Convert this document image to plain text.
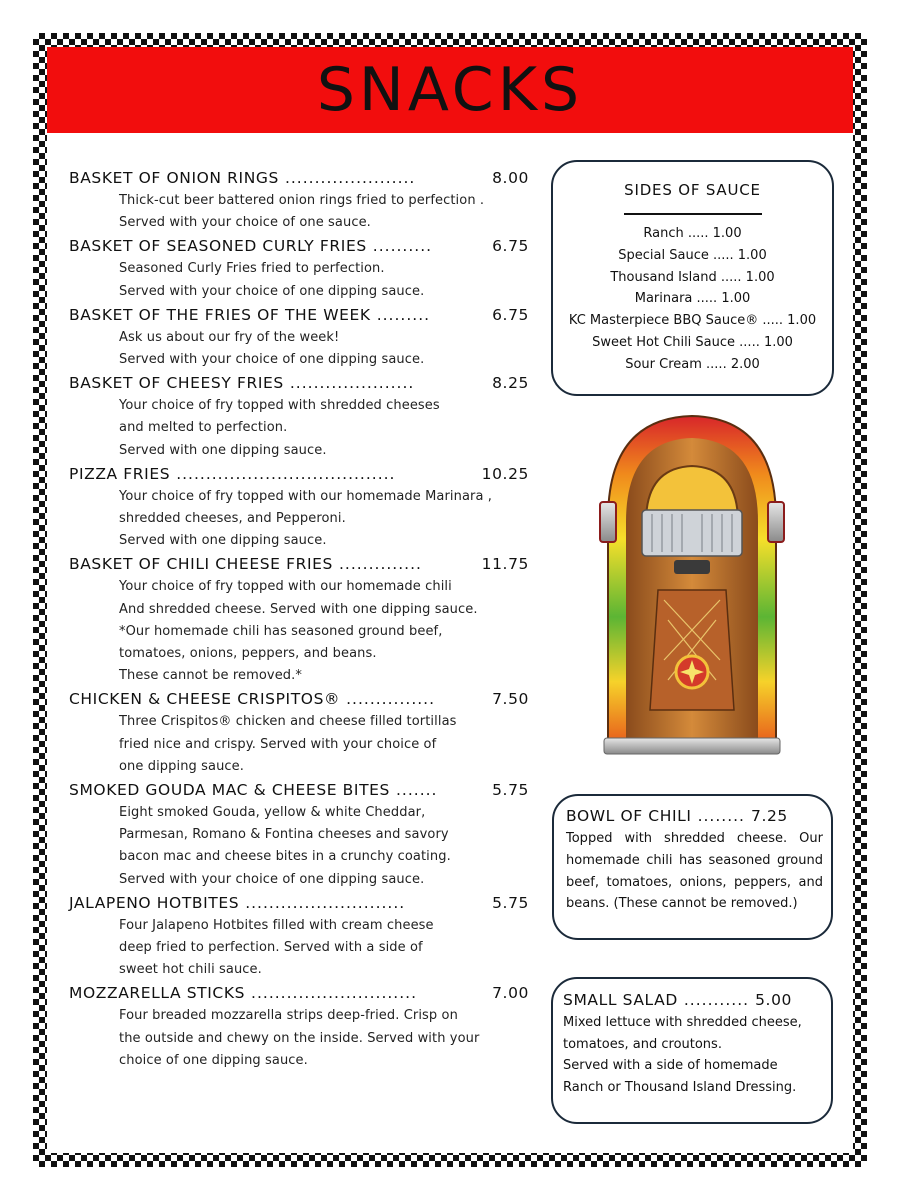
SNACKS
BASKET OF ONION RINGS ......................	8.00
Thick-cut beer battered onion rings fried to perfection .
Served with your choice of one sauce.
BASKET OF SEASONED CURLY FRIES ..........	6.75
Seasoned Curly Fries fried to perfection.
Served with your choice of one dipping sauce.
BASKET OF THE FRIES OF THE WEEK .........	6.75
Ask us about our fry of the week!
Served with your choice of one dipping sauce.
BASKET OF CHEESY FRIES .....................	8.25
Your choice of fry topped with shredded cheeses
and melted to perfection.
Served with one dipping sauce.
PIZZA FRIES .....................................	10.25
Your choice of fry topped with our homemade Marinara ,
shredded cheeses, and Pepperoni.
Served with one dipping sauce.
BASKET OF CHILI CHEESE FRIES ..............	11.75
Your choice of fry topped with our homemade chili
And shredded cheese. Served with one dipping sauce.
*Our homemade chili has seasoned ground beef,
tomatoes, onions, peppers, and beans.
These cannot be removed.*
CHICKEN & CHEESE CRISPITOS® ...............	7.50
Three Crispitos® chicken and cheese filled tortillas
fried nice and crispy. Served with your choice of
one dipping sauce.
SMOKED GOUDA MAC & CHEESE BITES .......	5.75
Eight smoked Gouda, yellow & white Cheddar,
Parmesan, Romano & Fontina cheeses and savory
bacon mac and cheese bites in a crunchy coating.
Served with your choice of one dipping sauce.
JALAPENO HOTBITES ...........................	5.75
Four Jalapeno Hotbites filled with cream cheese
deep fried to perfection. Served with a side of
sweet hot chili sauce.
MOZZARELLA STICKS ............................	7.00
Four breaded mozzarella strips deep-fried. Crisp on
the outside and chewy on the inside. Served with your
choice of one dipping sauce.
SIDES OF SAUCE
Ranch ..... 1.00
Special Sauce ..... 1.00
Thousand Island ..... 1.00
Marinara ..... 1.00
KC Masterpiece BBQ Sauce® ..... 1.00
Sweet Hot Chili Sauce ..... 1.00
Sour Cream ..... 2.00
BOWL OF CHILI ........ 7.25
Topped with shredded cheese. Our homemade chili has seasoned ground beef, tomatoes, onions, peppers, and beans. (These cannot be removed.)
SMALL SALAD ........... 5.00
Mixed lettuce with shredded cheese,
tomatoes, and croutons.
Served with a side of homemade
Ranch or Thousand Island Dressing.
